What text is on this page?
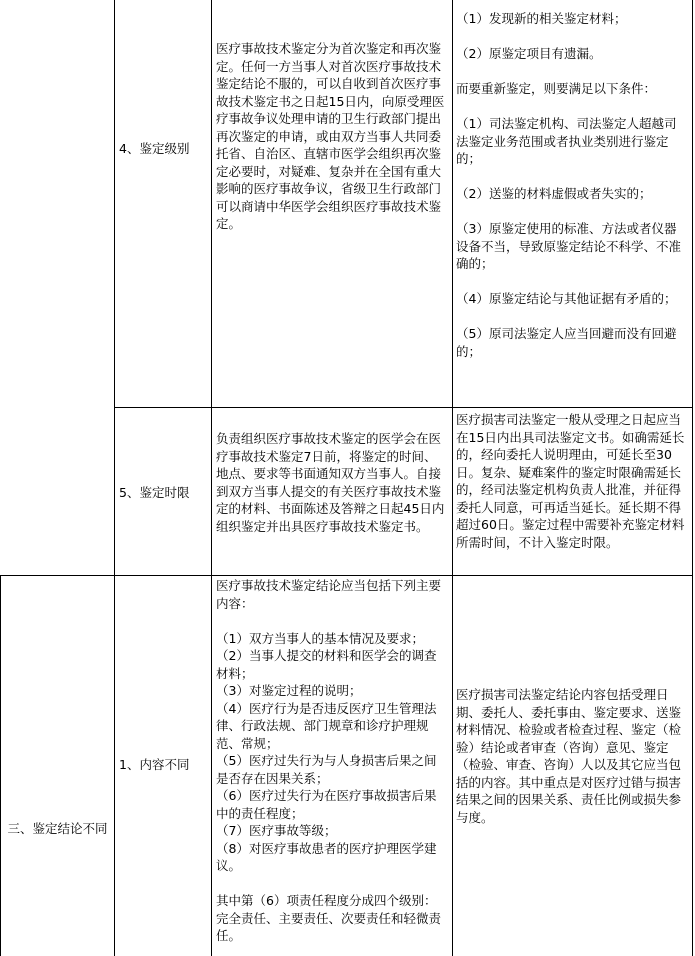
4、鉴定级别

医疗事故技术鉴定分为首次鉴定和再次鉴定。任何一方当事人对首次医疗事故技术鉴定结论不服的，可以自收到首次医疗事故技术鉴定书之日起15日内，向原受理医疗事故争议处理申请的卫生行政部门提出再次鉴定的申请，或由双方当事人共同委托省、自治区、直辖市医学会组织再次鉴定必要时，对疑难、复杂并在全国有重大影响的医疗事故争议，省级卫生行政部门可以商请中华医学会组织医疗事故技术鉴定。

（1）发现新的相关鉴定材料；

（2）原鉴定项目有遗漏。

而要重新鉴定，则要满足以下条件：

（1）司法鉴定机构、司法鉴定人超越司法鉴定业务范围或者执业类别进行鉴定的；

（2）送鉴的材料虚假或者失实的；

（3）原鉴定使用的标准、方法或者仪器设备不当，导致原鉴定结论不科学、不准确的；

（4）原鉴定结论与其他证据有矛盾的；

（5）原司法鉴定人应当回避而没有回避的；

5、鉴定时限

负责组织医疗事故技术鉴定的医学会在医疗事故技术鉴定7日前，将鉴定的时间、地点、要求等书面通知双方当事人。自接到双方当事人提交的有关医疗事故技术鉴定的材料、书面陈述及答辩之日起45日内组织鉴定并出具医疗事故技术鉴定书。

医疗损害司法鉴定一般从受理之日起应当在15日内出具司法鉴定文书。如确需延长的，经向委托人说明理由，可延长至30日。复杂、疑难案件的鉴定时限确需延长的，经司法鉴定机构负责人批准，并征得委托人同意，可再适当延长。延长期不得超过60日。鉴定过程中需要补充鉴定材料所需时间，不计入鉴定时限。

三、鉴定结论不同
1、内容不同

医疗事故技术鉴定结论应当包括下列主要内容：

（1）双方当事人的基本情况及要求；

（2）当事人提交的材料和医学会的调查材料；

（3）对鉴定过程的说明；

（4）医疗行为是否违反医疗卫生管理法律、行政法规、部门规章和诊疗护理规范、常规；

（5）医疗过失行为与人身损害后果之间是否存在因果关系；

（6）医疗过失行为在医疗事故损害后果中的责任程度；

（7）医疗事故等级；

（8）对医疗事故患者的医疗护理医学建议。

其中第（6）项责任程度分成四个级别：完全责任、主要责任、次要责任和轻微责任。

医疗损害司法鉴定结论内容包括受理日期、委托人、委托事由、鉴定要求、送鉴材料情况、检验或者检查过程、鉴定（检验）结论或者审查（咨询）意见、鉴定（检验、审查、咨询）人以及其它应当包括的内容。其中重点是对医疗过错与损害结果之间的因果关系、责任比例或损失参与度。
